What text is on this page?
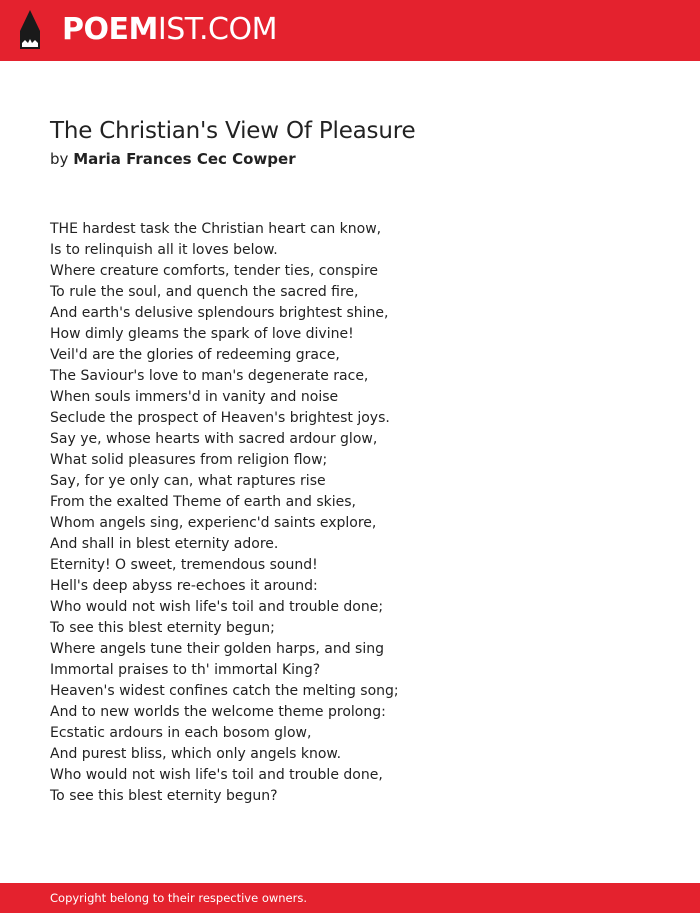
POEMIST.COM
The Christian's View Of Pleasure
by Maria Frances Cec Cowper
THE hardest task the Christian heart can know,
Is to relinquish all it loves below.
Where creature comforts, tender ties, conspire
To rule the soul, and quench the sacred fire,
And earth's delusive splendours brightest shine,
How dimly gleams the spark of love divine!
Veil'd are the glories of redeeming grace,
The Saviour's love to man's degenerate race,
When souls immers'd in vanity and noise
Seclude the prospect of Heaven's brightest joys.
Say ye, whose hearts with sacred ardour glow,
What solid pleasures from religion flow;
Say, for ye only can, what raptures rise
From the exalted Theme of earth and skies,
Whom angels sing, experienc'd saints explore,
And shall in blest eternity adore.
Eternity! O sweet, tremendous sound!
Hell's deep abyss re-echoes it around:
Who would not wish life's toil and trouble done;
To see this blest eternity begun;
Where angels tune their golden harps, and sing
Immortal praises to th' immortal King?
Heaven's widest confines catch the melting song;
And to new worlds the welcome theme prolong:
Ecstatic ardours in each bosom glow,
And purest bliss, which only angels know.
Who would not wish life's toil and trouble done,
To see this blest eternity begun?
Copyright belong to their respective owners.
